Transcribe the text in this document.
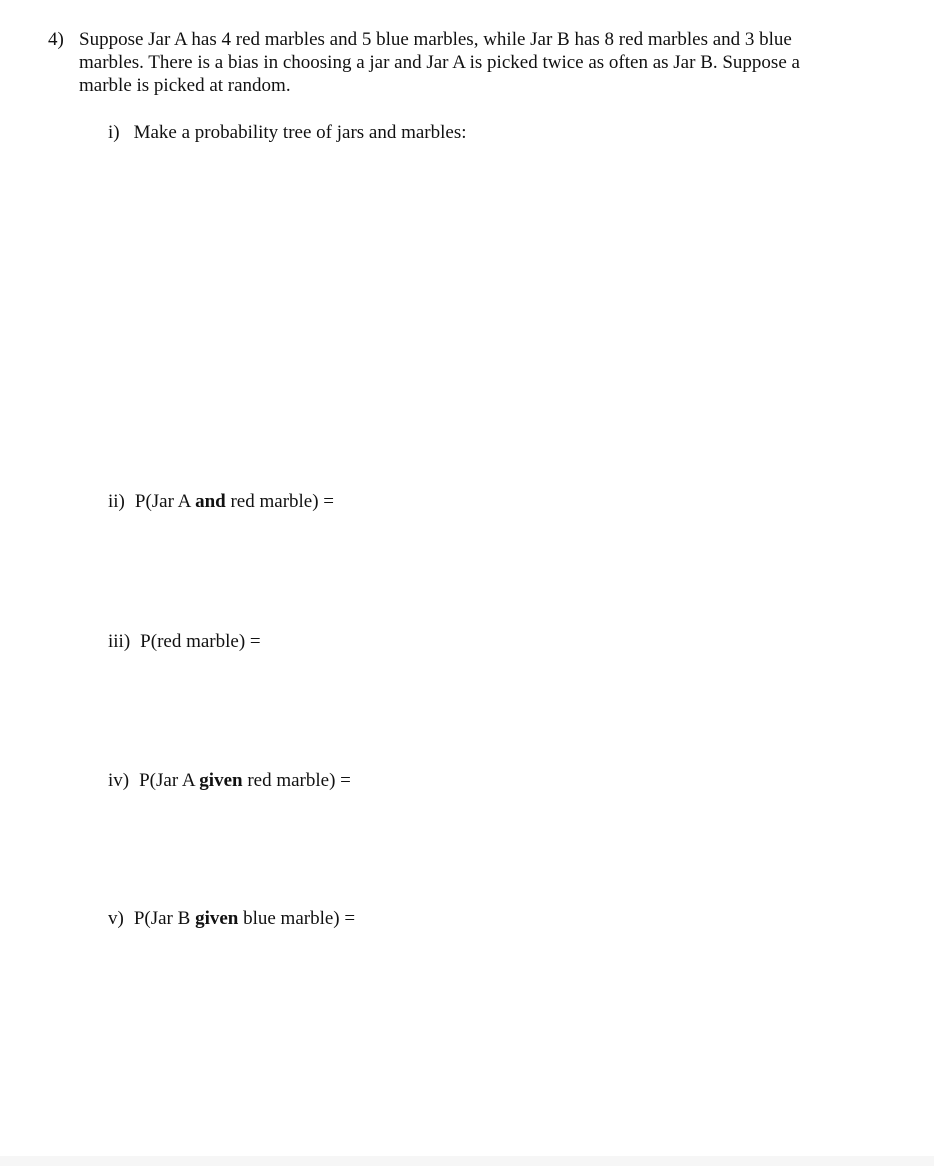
4) Suppose Jar A has 4 red marbles and 5 blue marbles, while Jar B has 8 red marbles and 3 blue
marbles. There is a bias in choosing a jar and Jar A is picked twice as often as Jar B. Suppose a
marble is picked at random.
i) Make a probability tree of jars and marbles:
ii) P(Jar A and red marble) =
iii) P(red marble) =
iv) P(Jar A given red marble) =
v) P(Jar B given blue marble) =
